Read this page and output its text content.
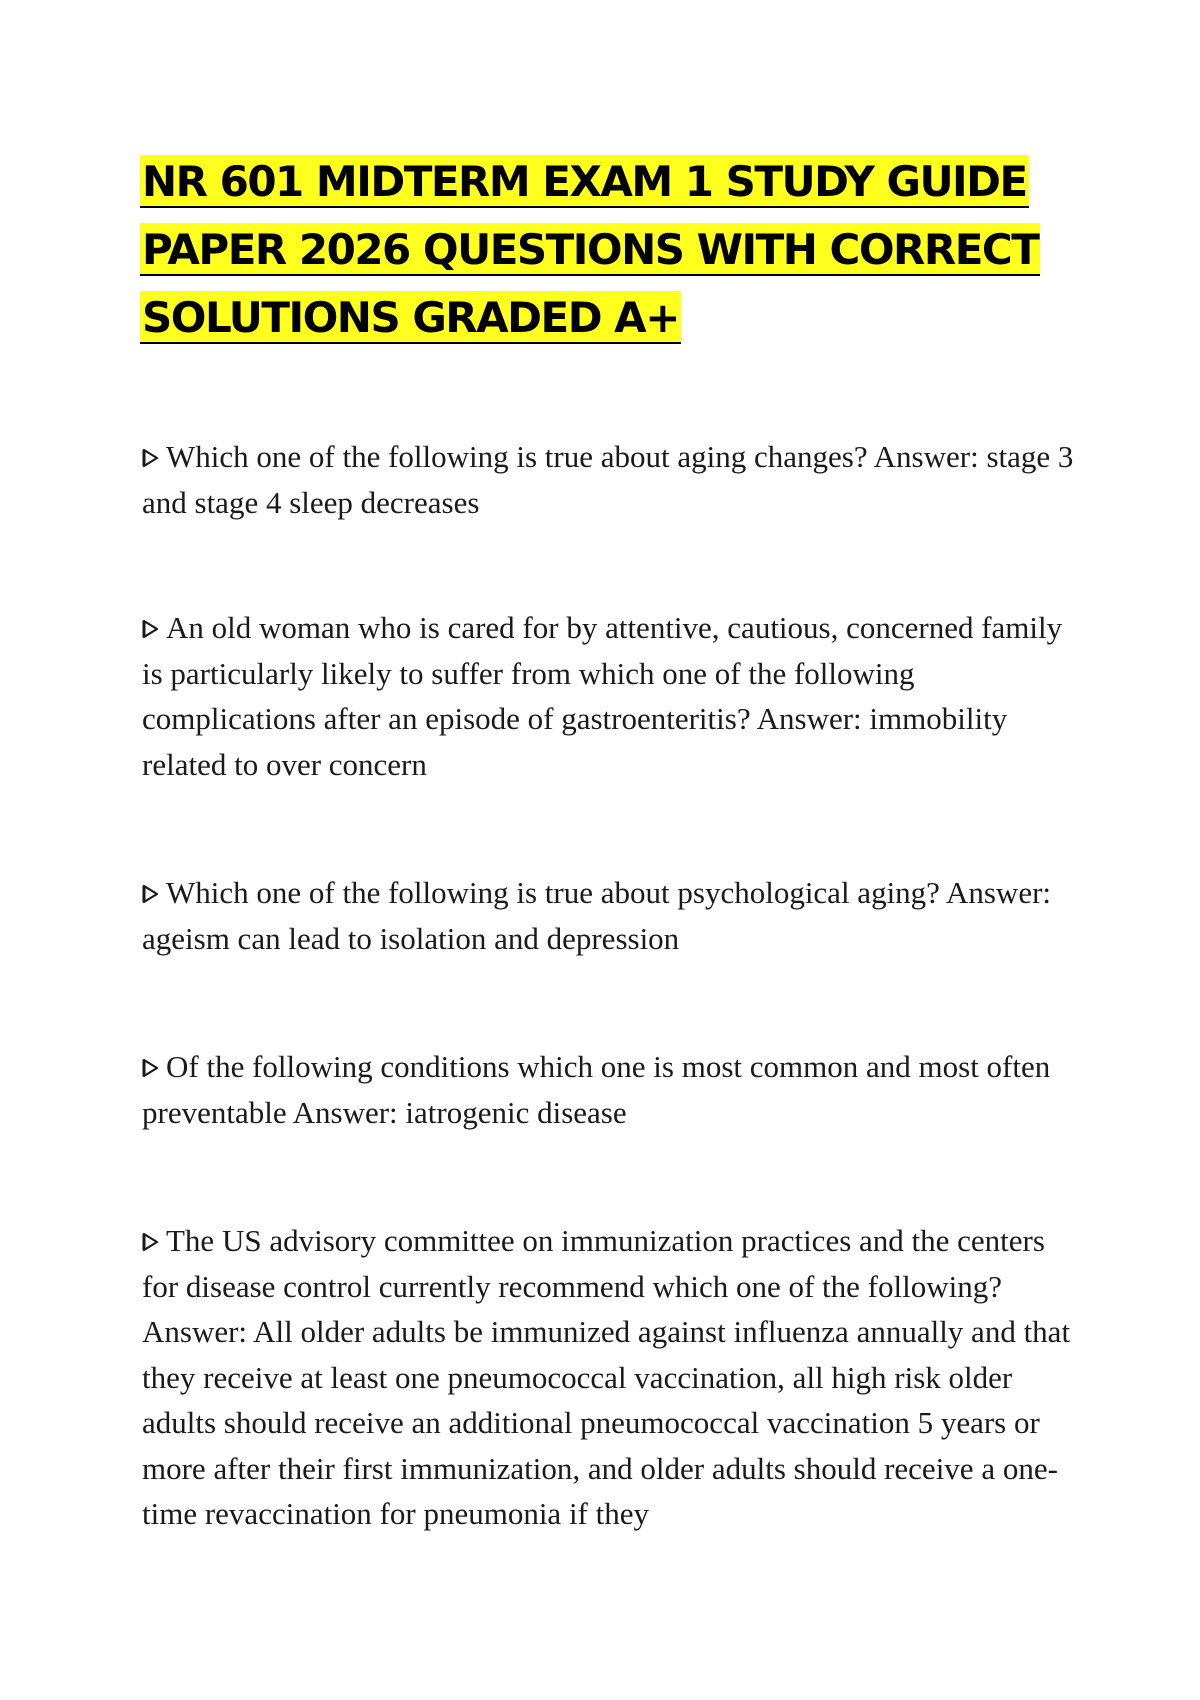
NR 601 MIDTERM EXAM 1 STUDY GUIDE
PAPER 2026 QUESTIONS WITH CORRECT
SOLUTIONS GRADED A+

Which one of the following is true about aging changes? Answer: stage 3 and stage 4 sleep decreases

An old woman who is cared for by attentive, cautious, concerned family is particularly likely to suffer from which one of the following complications after an episode of gastroenteritis? Answer: immobility related to over concern

Which one of the following is true about psychological aging? Answer: ageism can lead to isolation and depression

Of the following conditions which one is most common and most often preventable Answer: iatrogenic disease

The US advisory committee on immunization practices and the centers for disease control currently recommend which one of the following? Answer: All older adults be immunized against influenza annually and that they receive at least one pneumococcal vaccination, all high risk older adults should receive an additional pneumococcal vaccination 5 years or more after their first immunization, and older adults should receive a one-time revaccination for pneumonia if they
